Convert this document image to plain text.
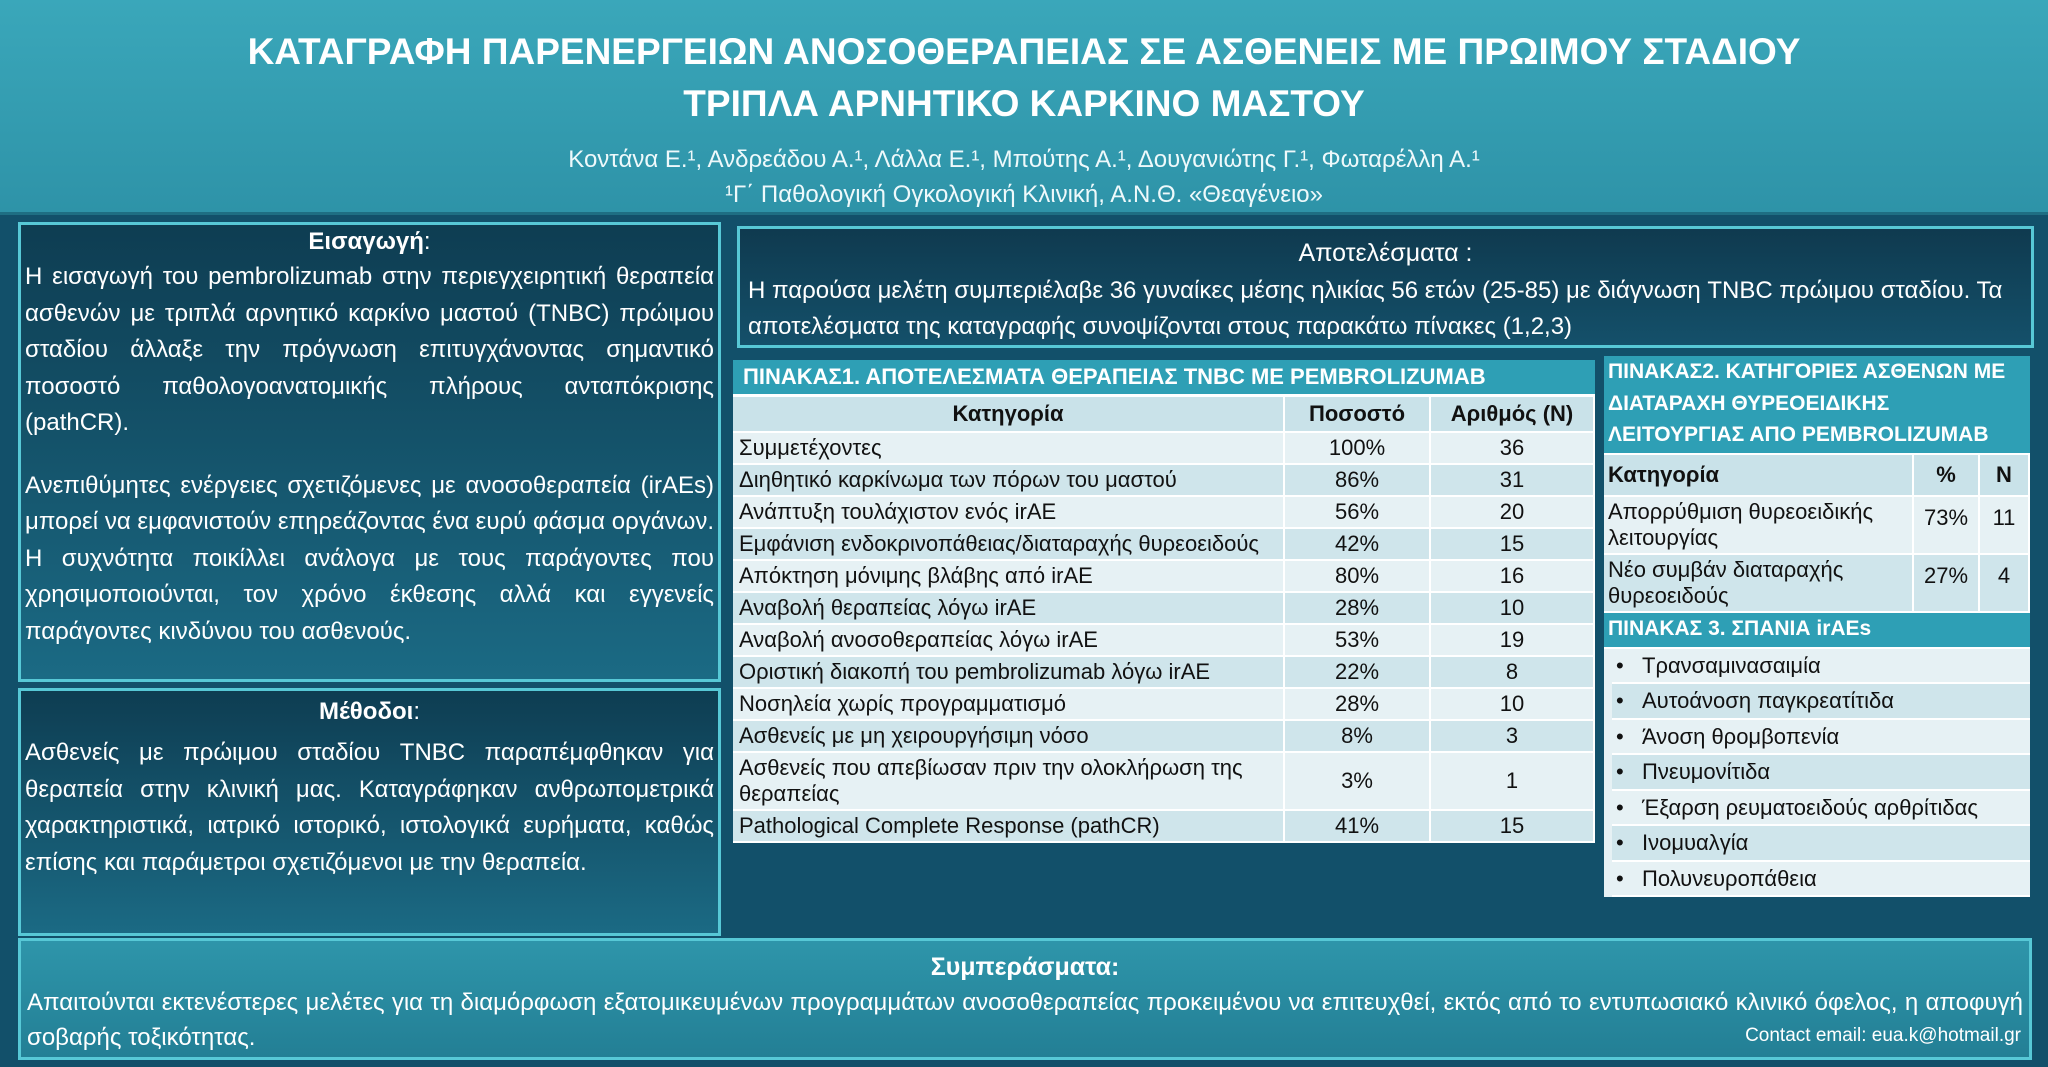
ΚΑΤΑΓΡΑΦΗ ΠΑΡΕΝΕΡΓΕΙΩΝ ΑΝΟΣΟΘΕΡΑΠΕΙΑΣ ΣΕ ΑΣΘΕΝΕΙΣ ΜΕ ΠΡΩΙΜΟΥ ΣΤΑΔΙΟΥ
ΤΡΙΠΛΑ ΑΡΝΗΤΙΚΟ ΚΑΡΚΙΝΟ ΜΑΣΤΟΥ
Κοντάνα Ε.¹, Ανδρεάδου Α.¹, Λάλλα Ε.¹, Μπούτης Α.¹, Δουγανιώτης Γ.¹, Φωταρέλλη Α.¹
¹Γ΄ Παθολογική Ογκολογική Κλινική, Α.Ν.Θ. «Θεαγένειο»
Εισαγωγή:
Η εισαγωγή του pembrolizumab στην περιεγχειρητική θεραπεία ασθενών με τριπλά αρνητικό καρκίνο μαστού (TNBC) πρώιμου σταδίου άλλαξε την πρόγνωση επιτυγχάνοντας σημαντικό ποσοστό παθολογοανατομικής πλήρους ανταπόκρισης (pathCR).
Ανεπιθύμητες ενέργειες σχετιζόμενες με ανοσοθεραπεία (irAEs) μπορεί να εμφανιστούν επηρεάζοντας ένα ευρύ φάσμα οργάνων. Η συχνότητα ποικίλλει ανάλογα με τους παράγοντες που χρησιμοποιούνται, τον χρόνο έκθεσης αλλά και εγγενείς παράγοντες κινδύνου του ασθενούς.
Μέθοδοι:
Ασθενείς με πρώιμου σταδίου TNBC παραπέμφθηκαν για θεραπεία στην κλινική μας. Καταγράφηκαν ανθρωπομετρικά χαρακτηριστικά, ιατρικό ιστορικό, ιστολογικά ευρήματα, καθώς επίσης και παράμετροι σχετιζόμενοι με την θεραπεία.
Αποτελέσματα :
Η παρούσα μελέτη συμπεριέλαβε 36 γυναίκες μέσης ηλικίας 56 ετών (25-85) με διάγνωση TNBC πρώιμου σταδίου. Τα αποτελέσματα της καταγραφής συνοψίζονται στους παρακάτω πίνακες (1,2,3)
ΠΙΝΑΚΑΣ1. ΑΠΟΤΕΛΕΣΜΑΤΑ ΘΕΡΑΠΕΙΑΣ TNBC ΜΕ PEMBROLIZUMAB
Κατηγορία	Ποσοστό	Αριθμός (N)
Συμμετέχοντες	100%	36
Διηθητικό καρκίνωμα των πόρων του μαστού	86%	31
Ανάπτυξη τουλάχιστον ενός irAE	56%	20
Εμφάνιση ενδοκρινοπάθειας/διαταραχής θυρεοειδούς	42%	15
Απόκτηση μόνιμης βλάβης από irAE	80%	16
Αναβολή θεραπείας λόγω irAE	28%	10
Αναβολή ανοσοθεραπείας λόγω irAE	53%	19
Οριστική διακοπή του pembrolizumab λόγω irAE	22%	8
Νοσηλεία χωρίς προγραμματισμό	28%	10
Ασθενείς με μη χειρουργήσιμη νόσο	8%	3
Ασθενείς που απεβίωσαν πριν την ολοκλήρωση της θεραπείας	3%	1
Pathological Complete Response (pathCR)	41%	15
ΠΙΝΑΚΑΣ2. ΚΑΤΗΓΟΡΙΕΣ ΑΣΘΕΝΩΝ ΜΕ ΔΙΑΤΑΡΑΧΗ ΘΥΡΕΟΕΙΔΙΚΗΣ ΛΕΙΤΟΥΡΓΙΑΣ ΑΠΟ PEMBROLIZUMAB
Κατηγορία	%	N
Απορρύθμιση θυρεοειδικής λειτουργίας	73%	11
Νέο συμβάν διαταραχής θυρεοειδούς	27%	4
ΠΙΝΑΚΑΣ 3. ΣΠΑΝΙΑ irAEs
• Τρανσαμινασαιμία
• Αυτοάνοση παγκρεατίτιδα
• Άνοση θρομβοπενία
• Πνευμονίτιδα
• Έξαρση ρευματοειδούς αρθρίτιδας
• Ινομυαλγία
• Πολυνευροπάθεια
Συμπεράσματα:
Απαιτούνται εκτενέστερες μελέτες για τη διαμόρφωση εξατομικευμένων προγραμμάτων ανοσοθεραπείας προκειμένου να επιτευχθεί, εκτός από το εντυπωσιακό κλινικό όφελος, η αποφυγή σοβαρής τοξικότητας.	Contact email: eua.k@hotmail.gr
